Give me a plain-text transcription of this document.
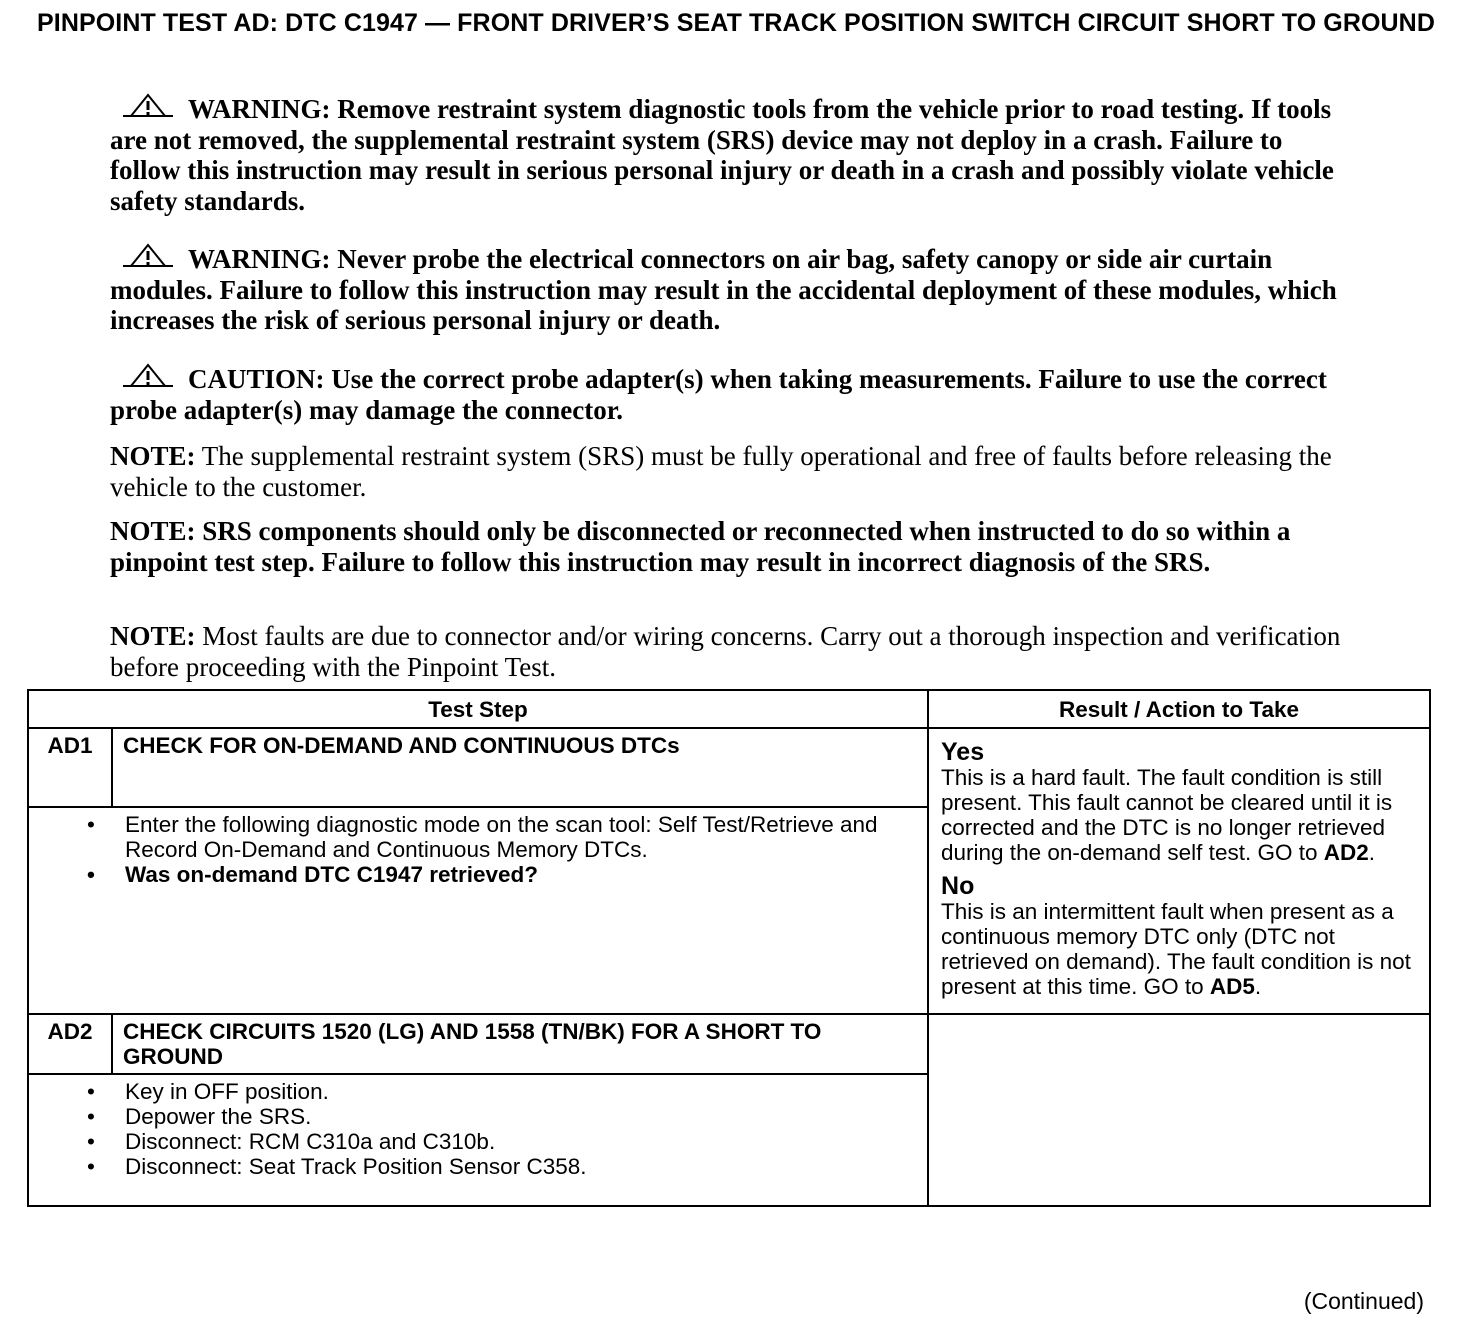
PINPOINT TEST AD: DTC C1947 — FRONT DRIVER’S SEAT TRACK POSITION SWITCH CIRCUIT SHORT TO GROUND
WARNING: Remove restraint system diagnostic tools from the vehicle prior to road testing. If tools are not removed, the supplemental restraint system (SRS) device may not deploy in a crash. Failure to follow this instruction may result in serious personal injury or death in a crash and possibly violate vehicle safety standards.
WARNING: Never probe the electrical connectors on air bag, safety canopy or side air curtain modules. Failure to follow this instruction may result in the accidental deployment of these modules, which increases the risk of serious personal injury or death.
CAUTION: Use the correct probe adapter(s) when taking measurements. Failure to use the correct probe adapter(s) may damage the connector.
NOTE: The supplemental restraint system (SRS) must be fully operational and free of faults before releasing the vehicle to the customer.
NOTE: SRS components should only be disconnected or reconnected when instructed to do so within a pinpoint test step. Failure to follow this instruction may result in incorrect diagnosis of the SRS.
NOTE: Most faults are due to connector and/or wiring concerns. Carry out a thorough inspection and verification before proceeding with the Pinpoint Test.
Test Step		Result / Action to Take
AD1	CHECK FOR ON-DEMAND AND CONTINUOUS DTCs	Yes
This is a hard fault. The fault condition is still present. This fault cannot be cleared until it is corrected and the DTC is no longer retrieved during the on-demand self test. GO to AD2.
No
This is an intermittent fault when present as a continuous memory DTC only (DTC not retrieved on demand). The fault condition is not present at this time. GO to AD5.

• Enter the following diagnostic mode on the scan tool: Self Test/Retrieve and Record On-Demand and Continuous Memory DTCs.
• Was on-demand DTC C1947 retrieved?

AD2	CHECK CIRCUITS 1520 (LG) AND 1558 (TN/BK) FOR A SHORT TO GROUND	

• Key in OFF position.
• Depower the SRS.
• Disconnect: RCM C310a and C310b.
• Disconnect: Seat Track Position Sensor C358.
(Continued)
